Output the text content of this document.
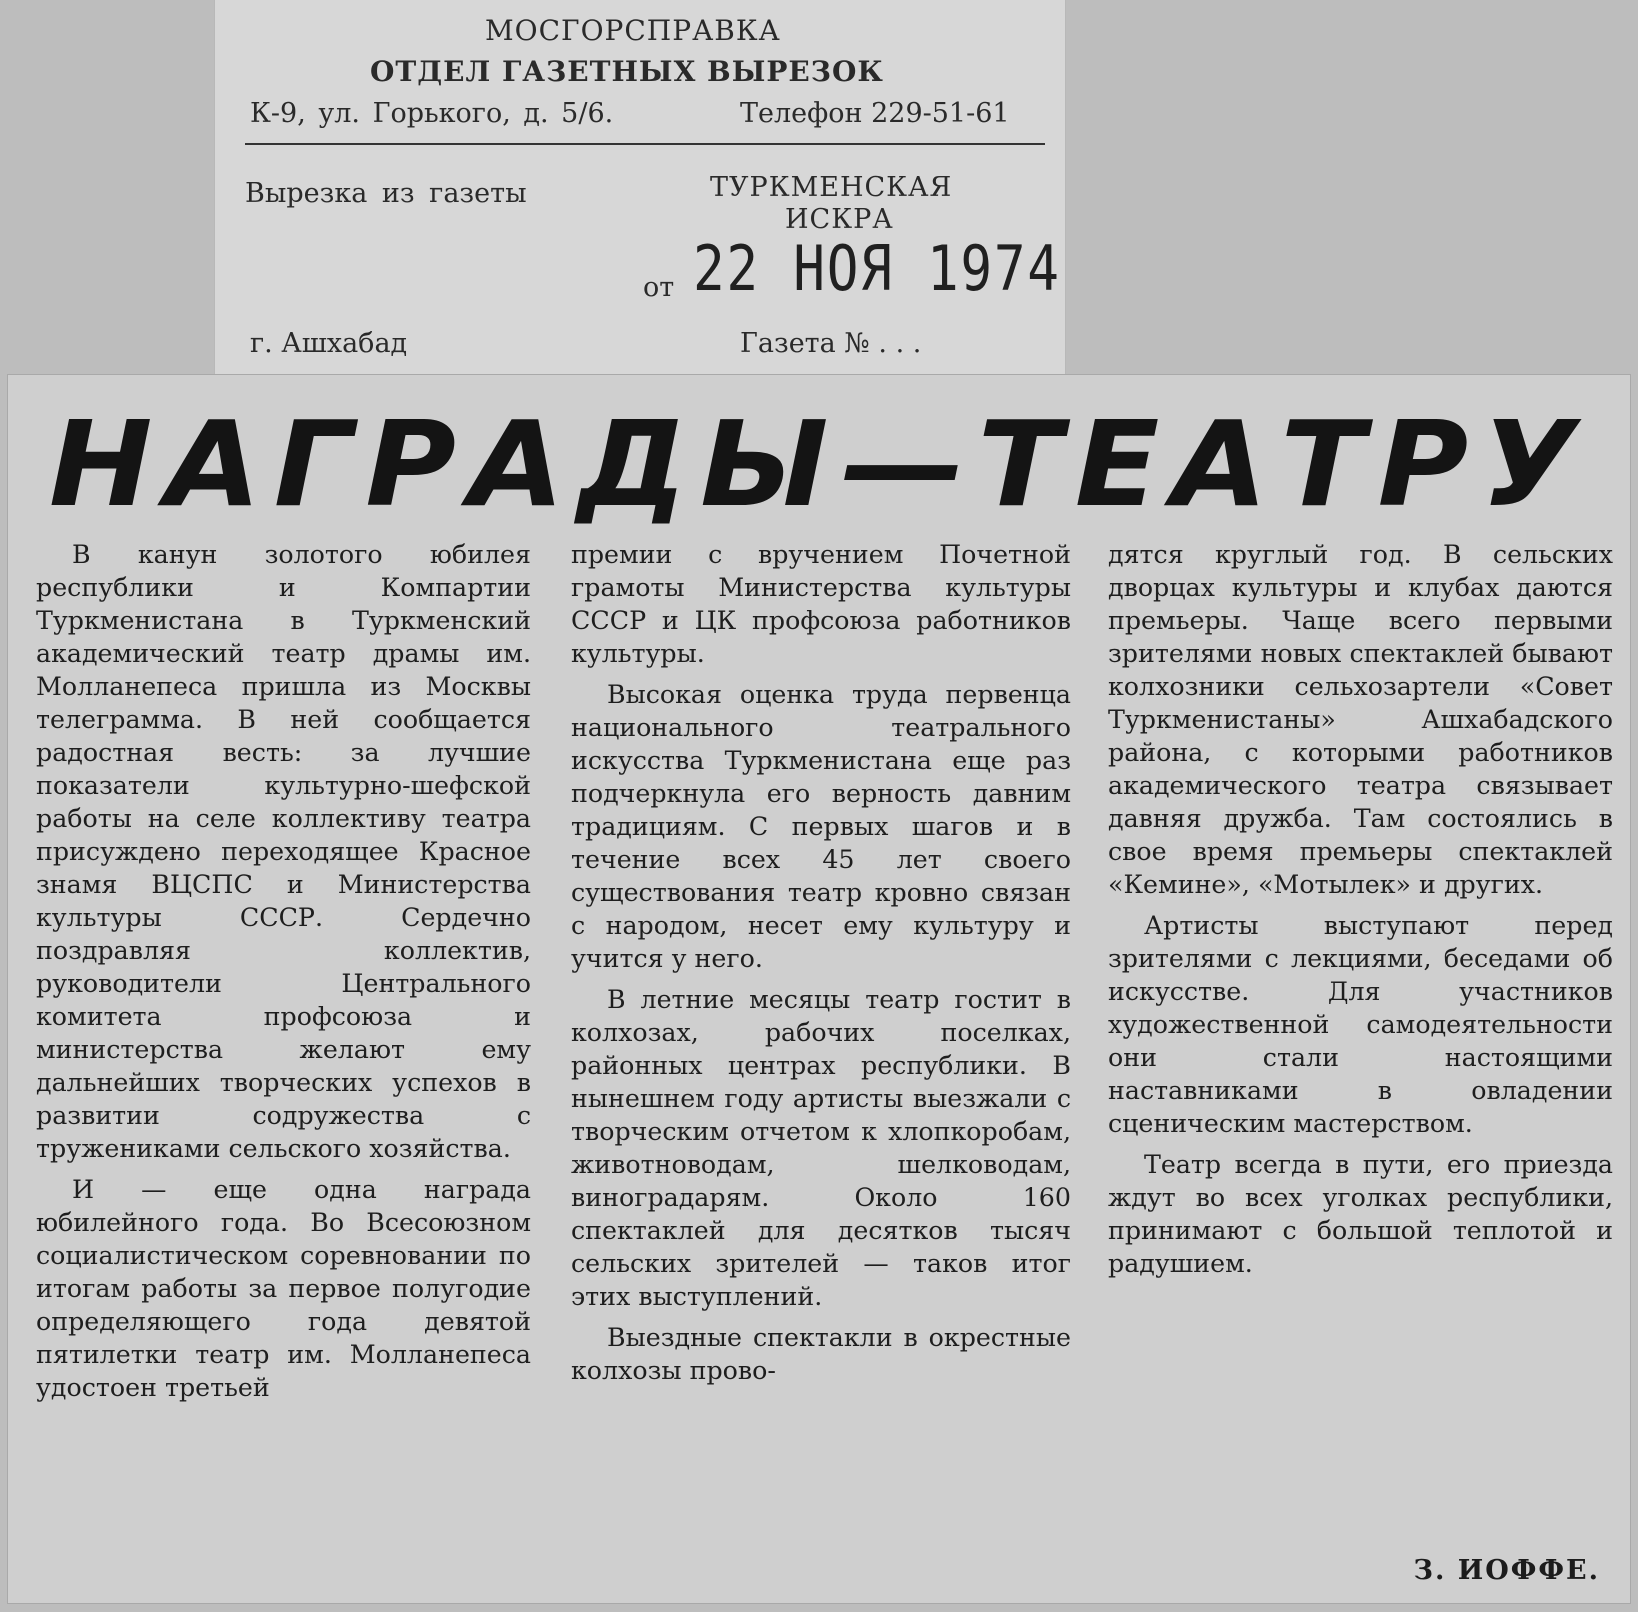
МОСГОРСПРАВКА
ОТДЕЛ ГАЗЕТНЫХ ВЫРЕЗОК
К-9, ул. Горького, д. 5/6.	Телефон 229-51-61
Вырезка из газеты	ТУРКМЕНСКАЯ
ИСКРА
от 22 НОЯ 1974
г. Ашхабад	Газета № . . .
НАГРАДЫ—ТЕАТРУ

В канун золотого юбилея республики и Компартии Туркменистана в Туркменский академический театр драмы им. Молланепеса пришла из Москвы телеграмма. В ней сообщается радостная весть: за лучшие показатели культурно-шефской работы на селе коллективу театра присуждено переходящее Красное знамя ВЦСПС и Министерства культуры СССР. Сердечно поздравляя коллектив, руководители Центрального комитета профсоюза и министерства желают ему дальнейших творческих успехов в развитии содружества с тружениками сельского хозяйства.

И — еще одна награда юбилейного года. Во Всесоюзном социалистическом соревновании по итогам работы за первое полугодие определяющего года девятой пятилетки театр им. Молланепеса удостоен третьей

премии с вручением Почетной грамоты Министерства культуры СССР и ЦК профсоюза работников культуры.

Высокая оценка труда первенца национального театрального искусства Туркменистана еще раз подчеркнула его верность давним традициям. С первых шагов и в течение всех 45 лет своего существования театр кровно связан с народом, несет ему культуру и учится у него.

В летние месяцы театр гостит в колхозах, рабочих поселках, районных центрах республики. В нынешнем году артисты выезжали с творческим отчетом к хлопкоробам, животноводам, шелководам, виноградарям. Около 160 спектаклей для десятков тысяч сельских зрителей — таков итог этих выступлений.

Выездные спектакли в окрестные колхозы прово-

дятся круглый год. В сельских дворцах культуры и клубах даются премьеры. Чаще всего первыми зрителями новых спектаклей бывают колхозники сельхозартели «Совет Туркменистаны» Ашхабадского района, с которыми работников академического театра связывает давняя дружба. Там состоялись в свое время премьеры спектаклей «Кемине», «Мотылек» и других.

Артисты выступают перед зрителями с лекциями, беседами об искусстве. Для участников художественной самодеятельности они стали настоящими наставниками в овладении сценическим мастерством.

Театр всегда в пути, его приезда ждут во всех уголках республики, принимают с большой теплотой и радушием.

З. ИОФФЕ.
